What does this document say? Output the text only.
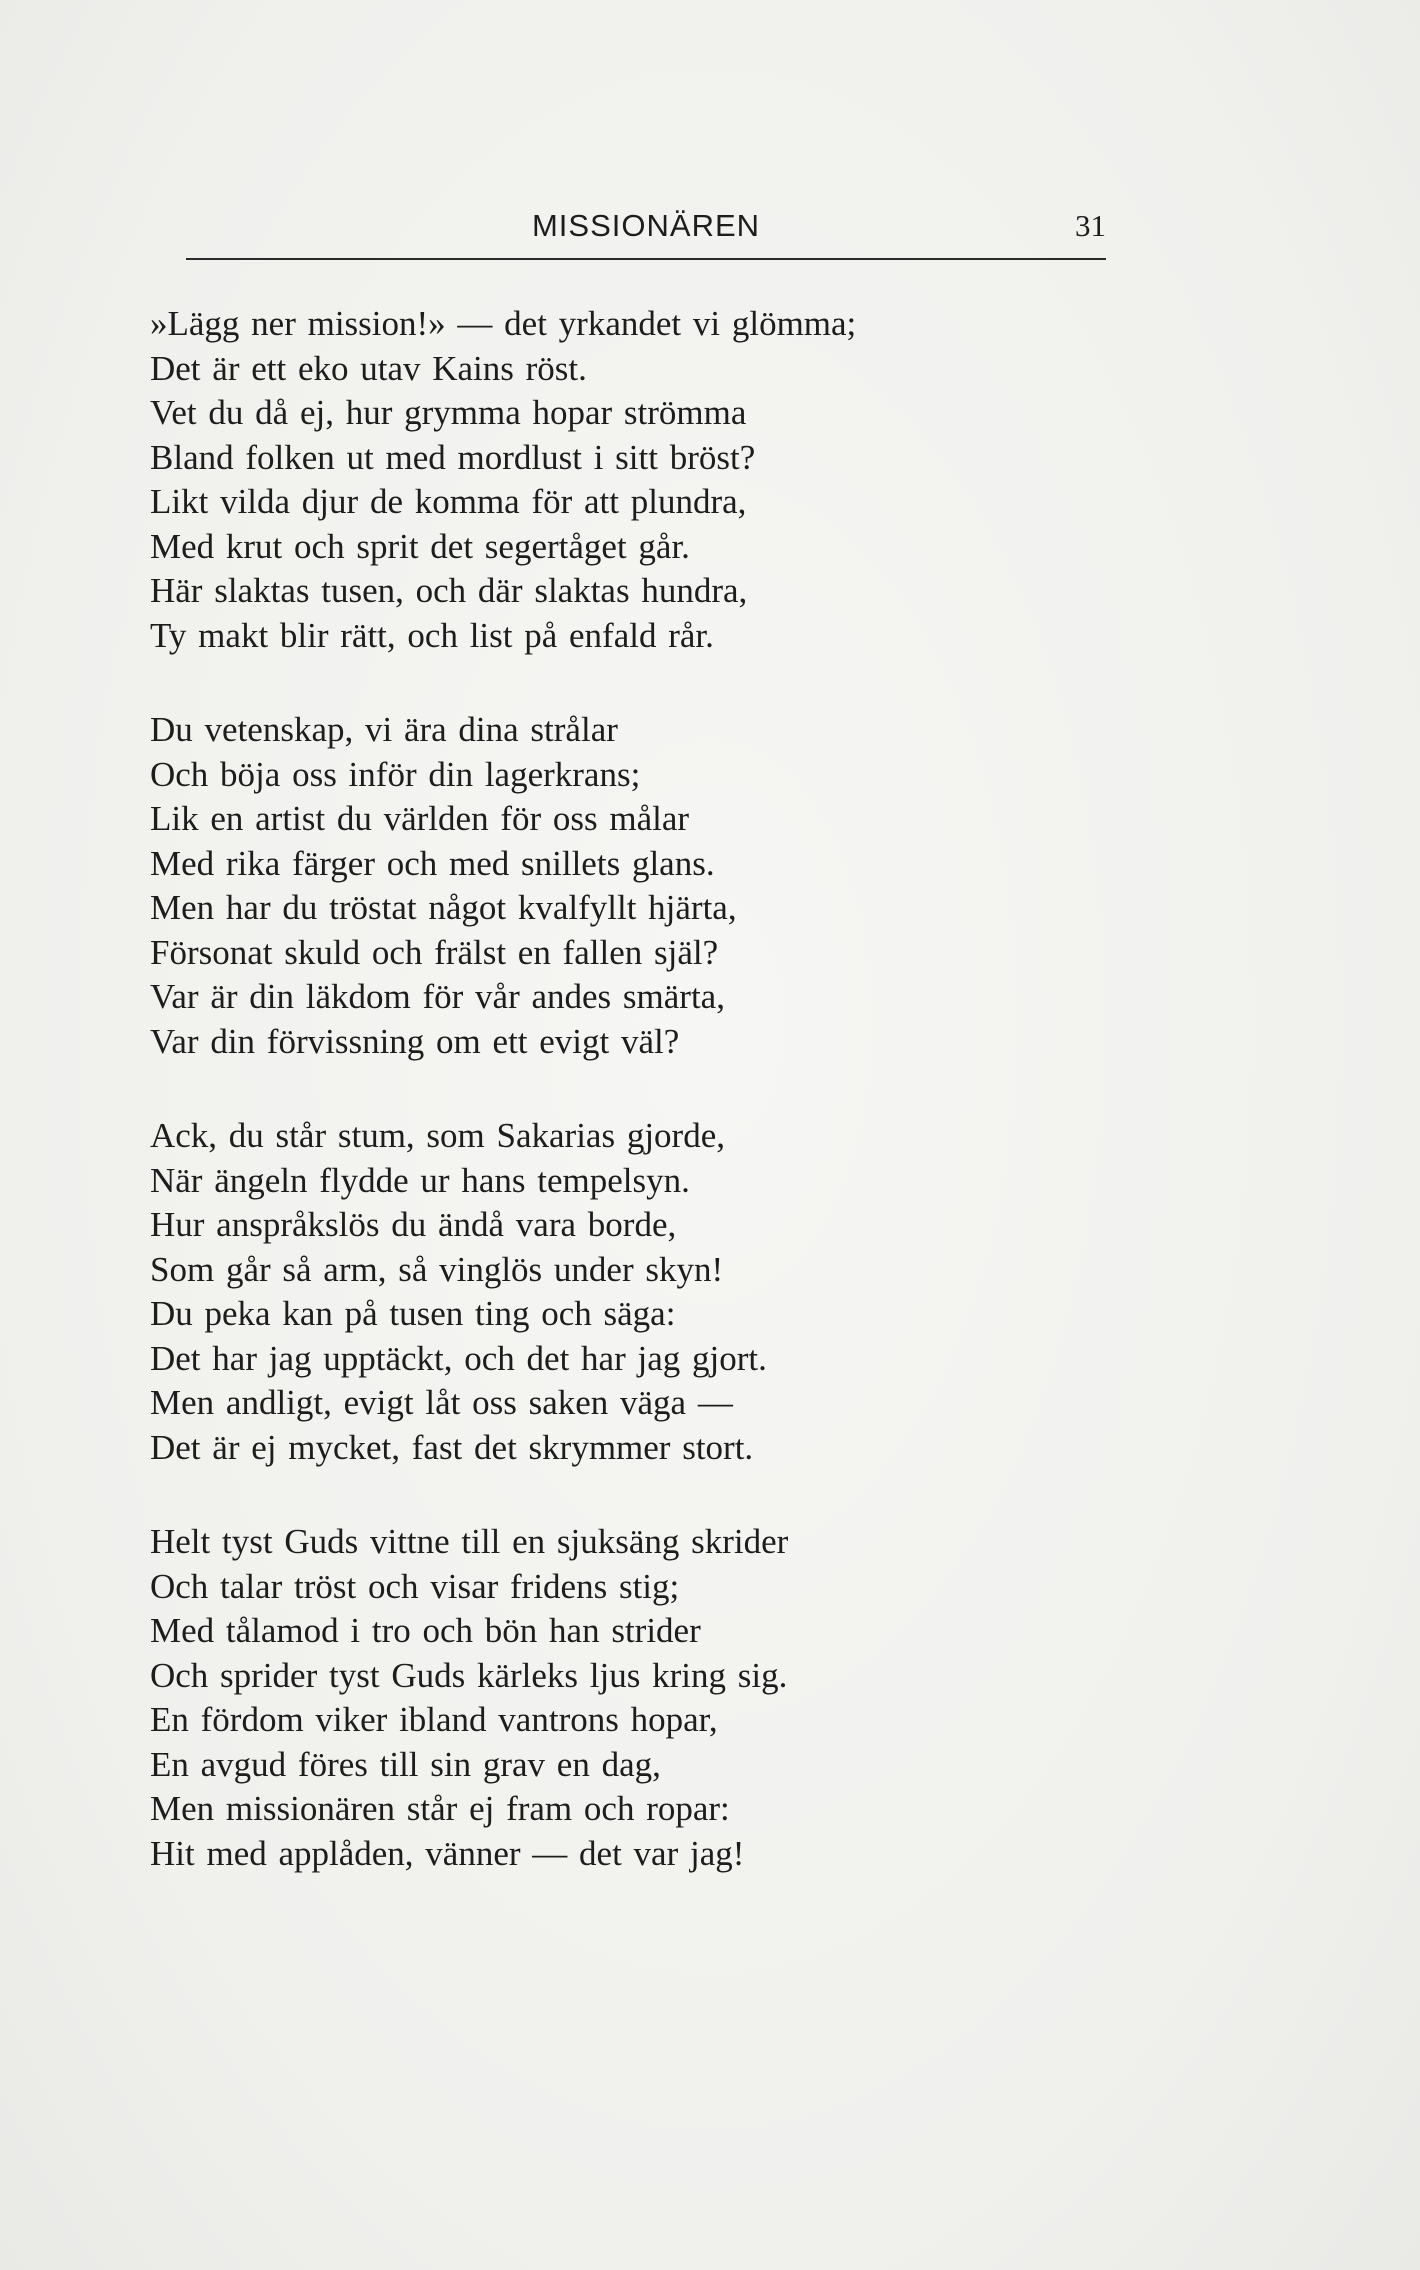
MISSIONÄREN	31
»Lägg ner mission!» — det yrkandet vi glömma;
Det är ett eko utav Kains röst.
Vet du då ej, hur grymma hopar strömma
Bland folken ut med mordlust i sitt bröst?
Likt vilda djur de komma för att plundra,
Med krut och sprit det segertåget går.
Här slaktas tusen, och där slaktas hundra,
Ty makt blir rätt, och list på enfald rår.
Du vetenskap, vi ära dina strålar
Och böja oss inför din lagerkrans;
Lik en artist du världen för oss målar
Med rika färger och med snillets glans.
Men har du tröstat något kvalfyllt hjärta,
Försonat skuld och frälst en fallen själ?
Var är din läkdom för vår andes smärta,
Var din förvissning om ett evigt väl?
Ack, du står stum, som Sakarias gjorde,
När ängeln flydde ur hans tempelsyn.
Hur anspråkslös du ändå vara borde,
Som går så arm, så vinglös under skyn!
Du peka kan på tusen ting och säga:
Det har jag upptäckt, och det har jag gjort.
Men andligt, evigt låt oss saken väga —
Det är ej mycket, fast det skrymmer stort.
Helt tyst Guds vittne till en sjuksäng skrider
Och talar tröst och visar fridens stig;
Med tålamod i tro och bön han strider
Och sprider tyst Guds kärleks ljus kring sig.
En fördom viker ibland vantrons hopar,
En avgud föres till sin grav en dag,
Men missionären står ej fram och ropar:
Hit med applåden, vänner — det var jag!
